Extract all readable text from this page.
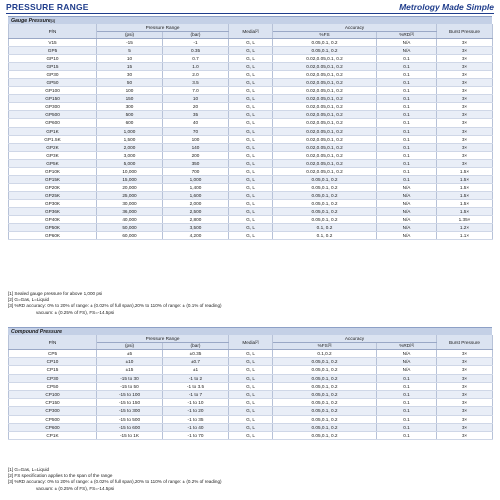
PRESSURE RANGE	Metrology Made Simple
Gauge Pressure[1]
P/N	Pressure Range		Media[2]	Accuracy		Burst Pressure
	(psi)	(bar)		%FS	%RD[3]
V15	-15	-1	G, L	0.05,0.1, 0.2	N/A	3×
GP5	5	0.35	G, L	0.05,0.1, 0.2	N/A	3×
GP10	10	0.7	G, L	0.02,0.05,0.1, 0.2	0.1	3×
GP15	15	1.0	G, L	0.02,0.05,0.1, 0.2	0.1	3×
GP30	30	2.0	G, L	0.02,0.05,0.1, 0.2	0.1	3×
GP50	50	3.5	G, L	0.02,0.05,0.1, 0.2	0.1	3×
GP100	100	7.0	G, L	0.02,0.05,0.1, 0.2	0.1	3×
GP150	150	10	G, L	0.02,0.05,0.1, 0.2	0.1	3×
GP300	300	20	G, L	0.02,0.05,0.1, 0.2	0.1	3×
GP500	500	35	G, L	0.02,0.05,0.1, 0.2	0.1	3×
GP600	600	40	G, L	0.02,0.05,0.1, 0.2	0.1	3×
GP1K	1,000	70	G, L	0.02,0.05,0.1, 0.2	0.1	3×
GP1.5K	1,500	100	G, L	0.02,0.05,0.1, 0.2	0.1	3×
GP2K	2,000	140	G, L	0.02,0.05,0.1, 0.2	0.1	3×
GP3K	3,000	200	G, L	0.02,0.05,0.1, 0.2	0.1	3×
GP5K	5,000	350	G, L	0.02,0.05,0.1, 0.2	0.1	3×
GP10K	10,000	700	G, L	0.02,0.05,0.1, 0.2	0.1	1.5×
GP15K	15,000	1,000	G, L	0.05,0.1, 0.2	0.1	1.5×
GP20K	20,000	1,400	G, L	0.05,0.1, 0.2	N/A	1.5×
GP25K	25,000	1,600	G, L	0.05,0.1, 0.2	N/A	1.5×
GP30K	30,000	2,000	G, L	0.05,0.1, 0.2	N/A	1.5×
GP36K	36,000	2,500	G, L	0.05,0.1, 0.2	N/A	1.5×
GP40K	40,000	2,800	G, L	0.05,0.1, 0.2	N/A	1.35×
GP50K	50,000	3,500	G, L	0.1, 0.2	N/A	1.2×
GP60K	60,000	4,200	G, L	0.1, 0.2	N/A	1.1×
[1] Sealed gauge pressure for above 1,000 psi
[2] G=Gas, L=Liquid
[3] %RD accuracy: 0% to 20% of range: ± (0.02% of full span),20% to 110% of range: ± (0.1% of reading)
vacuum: ± (0.25% of FS), FS=-14.5psi
Compound Pressure
P/N	Pressure Range		Media[2]	Accuracy		Burst Pressure
	(psi)	(bar)		%FS[3]	%RD[4]
CP5	±5	±0.35	G, L	0.1,0.2	N/A	3×
CP10	±10	±0.7	G, L	0.05,0.1, 0.2	N/A	3×
CP15	±15	±1	G, L	0.05,0.1, 0.2	N/A	3×
CP30	-15 to 30	-1 to 2	G, L	0.05,0.1, 0.2	0.1	3×
CP50	-15 to 50	-1 to 3.5	G, L	0.05,0.1, 0.2	0.1	3×
CP100	-15 to 100	-1 to 7	G, L	0.05,0.1, 0.2	0.1	3×
CP150	-15 to 150	-1 to 10	G, L	0.05,0.1, 0.2	0.1	3×
CP300	-15 to 300	-1 to 20	G, L	0.05,0.1, 0.2	0.1	3×
CP500	-15 to 500	-1 to 35	G, L	0.05,0.1, 0.2	0.1	3×
CP600	-15 to 600	-1 to 40	G, L	0.05,0.1, 0.2	0.1	3×
CP1K	-15 to 1K	-1 to 70	G, L	0.05,0.1, 0.2	0.1	3×
[1] G=Gas, L=Liquid
[2] FS specification applies to the span of the range
[3] %RD accuracy: 0% to 20% of range: ± (0.02% of full span),20% to 110% of range: ± (0.2% of reading)
vacuum: ± (0.25% of FS), FS=-14.5psi
